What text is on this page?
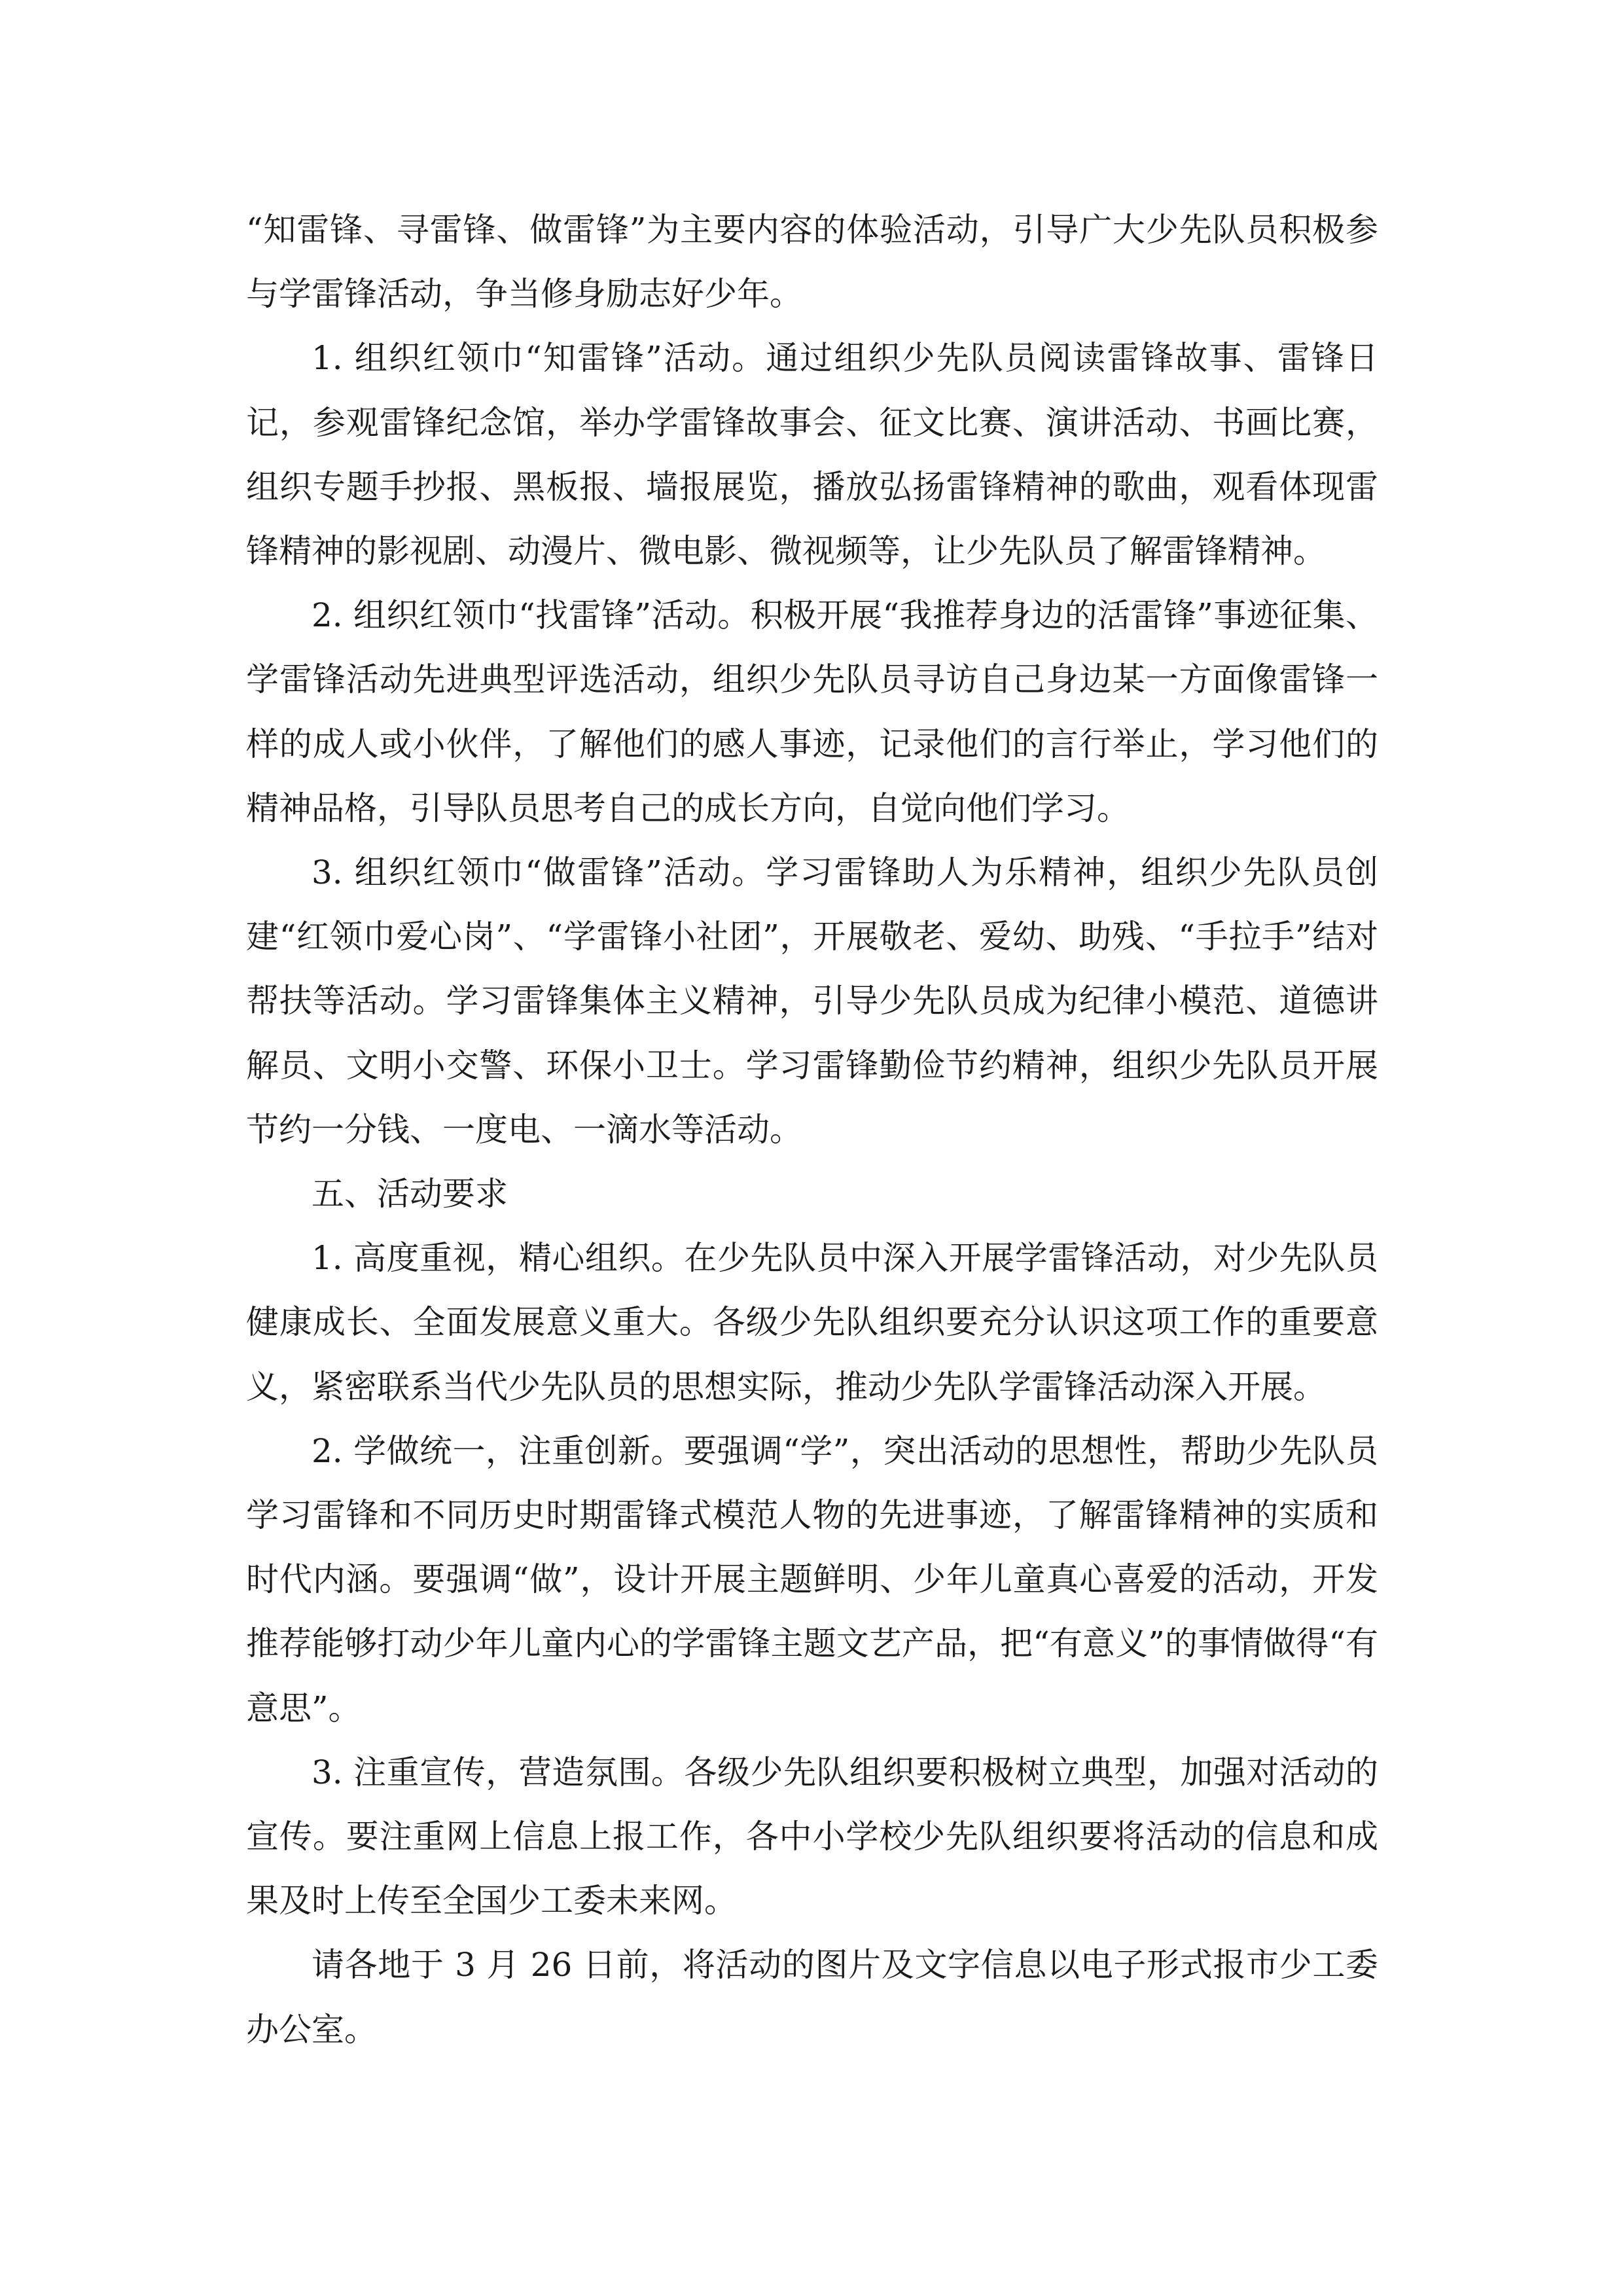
“知雷锋、寻雷锋、做雷锋”为主要内容的体验活动，引导广大少先队员积极参与学雷锋活动，争当修身励志好少年。

1. 组织红领巾“知雷锋”活动。通过组织少先队员阅读雷锋故事、雷锋日记，参观雷锋纪念馆，举办学雷锋故事会、征文比赛、演讲活动、书画比赛，组织专题手抄报、黑板报、墙报展览，播放弘扬雷锋精神的歌曲，观看体现雷锋精神的影视剧、动漫片、微电影、微视频等，让少先队员了解雷锋精神。

2. 组织红领巾“找雷锋”活动。积极开展“我推荐身边的活雷锋”事迹征集、学雷锋活动先进典型评选活动，组织少先队员寻访自己身边某一方面像雷锋一样的成人或小伙伴，了解他们的感人事迹，记录他们的言行举止，学习他们的精神品格，引导队员思考自己的成长方向，自觉向他们学习。

3. 组织红领巾“做雷锋”活动。学习雷锋助人为乐精神，组织少先队员创建“红领巾爱心岗”、“学雷锋小社团”，开展敬老、爱幼、助残、“手拉手”结对帮扶等活动。学习雷锋集体主义精神，引导少先队员成为纪律小模范、道德讲解员、文明小交警、环保小卫士。学习雷锋勤俭节约精神，组织少先队员开展节约一分钱、一度电、一滴水等活动。

五、活动要求

1. 高度重视，精心组织。在少先队员中深入开展学雷锋活动，对少先队员健康成长、全面发展意义重大。各级少先队组织要充分认识这项工作的重要意义，紧密联系当代少先队员的思想实际，推动少先队学雷锋活动深入开展。

2. 学做统一，注重创新。要强调“学”，突出活动的思想性，帮助少先队员学习雷锋和不同历史时期雷锋式模范人物的先进事迹，了解雷锋精神的实质和时代内涵。要强调“做”，设计开展主题鲜明、少年儿童真心喜爱的活动，开发推荐能够打动少年儿童内心的学雷锋主题文艺产品，把“有意义”的事情做得“有意思”。

3. 注重宣传，营造氛围。各级少先队组织要积极树立典型，加强对活动的宣传。要注重网上信息上报工作，各中小学校少先队组织要将活动的信息和成果及时上传至全国少工委未来网。

请各地于 3 月 26 日前，将活动的图片及文字信息以电子形式报市少工委办公室。
